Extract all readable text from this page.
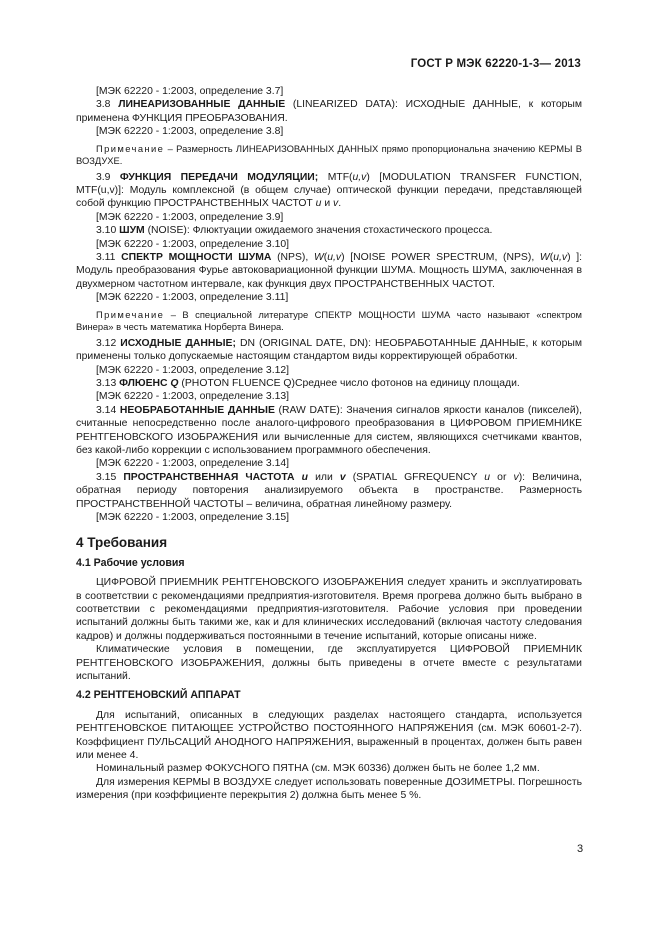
ГОСТ Р МЭК 62220-1-3— 2013

[МЭК 62220 - 1:2003, определение 3.7]

3.8 ЛИНЕАРИЗОВАННЫЕ ДАННЫЕ (LINEARIZED DATA): ИСХОДНЫЕ ДАННЫЕ, к которым применена ФУНКЦИЯ ПРЕОБРАЗОВАНИЯ.

[МЭК 62220 - 1:2003, определение 3.8]

Примечание – Размерность ЛИНЕАРИЗОВАННЫХ ДАННЫХ прямо пропорциональна значению КЕРМЫ В ВОЗДУХЕ.

3.9 ФУНКЦИЯ ПЕРЕДАЧИ МОДУЛЯЦИИ; MTF(u,v) [MODULATION TRANSFER FUNCTION, MTF(u,v)]: Модуль комплексной (в общем случае) оптической функции передачи, представляющей собой функцию ПРОСТРАНСТВЕННЫХ ЧАСТОТ u и v.

[МЭК 62220 - 1:2003, определение 3.9]

3.10 ШУМ (NOISE): Флюктуации ожидаемого значения стохастического процесса.

[МЭК 62220 - 1:2003, определение 3.10]

3.11 СПЕКТР МОЩНОСТИ ШУМА (NPS), W(u,v) [NOISE POWER SPECTRUM, (NPS), W(u,v) ]: Модуль преобразования Фурье автоковариационной функции ШУМА. Мощность ШУМА, заключенная в двухмерном частотном интервале, как функция двух ПРОСТРАНСТВЕННЫХ ЧАСТОТ.

[МЭК 62220 - 1:2003, определение 3.11]

Примечание – В специальной литературе СПЕКТР МОЩНОСТИ ШУМА часто называют «спектром Винера» в честь математика Норберта Винера.

3.12 ИСХОДНЫЕ ДАННЫЕ; DN (ORIGINAL DATE, DN): НЕОБРАБОТАННЫЕ ДАННЫЕ, к которым применены только допускаемые настоящим стандартом виды корректирующей обработки.

[МЭК 62220 - 1:2003, определение 3.12]

3.13 ФЛЮЕНС Q (PHOTON FLUENCE Q)Среднее число фотонов на единицу площади.

[МЭК 62220 - 1:2003, определение 3.13]

3.14 НЕОБРАБОТАННЫЕ ДАННЫЕ (RAW DATE): Значения сигналов яркости каналов (пикселей), считанные непосредственно после аналого-цифрового преобразования в ЦИФРОВОМ ПРИЕМНИКЕ РЕНТГЕНОВСКОГО ИЗОБРАЖЕНИЯ или вычисленные для систем, являющихся счетчиками квантов, без какой-либо коррекции с использованием программного обеспечения.

[МЭК 62220 - 1:2003, определение 3.14]

3.15 ПРОСТРАНСТВЕННАЯ ЧАСТОТА u или v (SPATIAL GFREQUENCY u or v): Величина, обратная периоду повторения анализируемого объекта в пространстве. Размерность ПРОСТРАНСТВЕННОЙ ЧАСТОТЫ – величина, обратная линейному размеру.

[МЭК 62220 - 1:2003, определение 3.15]

4 Требования
4.1 Рабочие условия

ЦИФРОВОЙ ПРИЕМНИК РЕНТГЕНОВСКОГО ИЗОБРАЖЕНИЯ следует хранить и эксплуатировать в соответствии с рекомендациями предприятия-изготовителя. Время прогрева должно быть выбрано в соответствии с рекомендациями предприятия-изготовителя. Рабочие условия при проведении испытаний должны быть такими же, как и для клинических исследований (включая частоту следования кадров) и должны поддерживаться постоянными в течение испытаний, которые описаны ниже.

Климатические условия в помещении, где эксплуатируется ЦИФРОВОЙ ПРИЕМНИК РЕНТГЕНОВСКОГО ИЗОБРАЖЕНИЯ, должны быть приведены в отчете вместе с результатами испытаний.

4.2 РЕНТГЕНОВСКИЙ АППАРАТ

Для испытаний, описанных в следующих разделах настоящего стандарта, используется РЕНТГЕНОВСКОЕ ПИТАЮЩЕЕ УСТРОЙСТВО ПОСТОЯННОГО НАПРЯЖЕНИЯ (см. МЭК 60601-2-7). Коэффициент ПУЛЬСАЦИЙ АНОДНОГО НАПРЯЖЕНИЯ, выраженный в процентах, должен быть равен или менее 4.

Номинальный размер ФОКУСНОГО ПЯТНА (см. МЭК 60336) должен быть не более 1,2 мм.

Для измерения КЕРМЫ В ВОЗДУХЕ следует использовать поверенные ДОЗИМЕТРЫ. Погрешность измерения (при коэффициенте перекрытия 2) должна быть менее 5 %.

3
